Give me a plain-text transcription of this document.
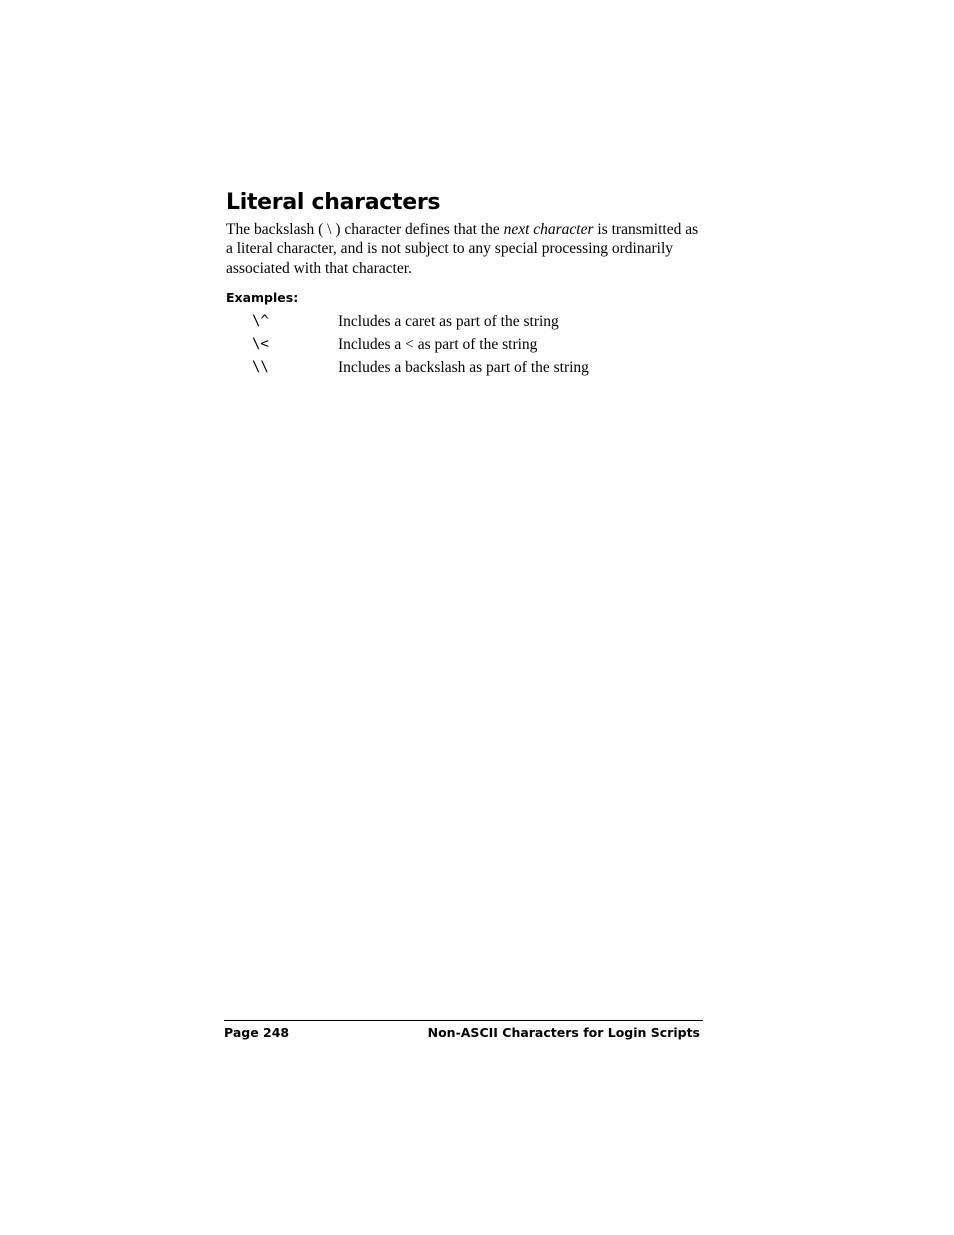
Literal characters

The backslash ( \ ) character defines that the next character is transmitted as a literal character, and is not subject to any special processing ordinarily associated with that character.

Examples:
\^	Includes a caret as part of the string
\<	Includes a < as part of the string
\\	Includes a backslash as part of the string
Page 248	Non-ASCII Characters for Login Scripts
